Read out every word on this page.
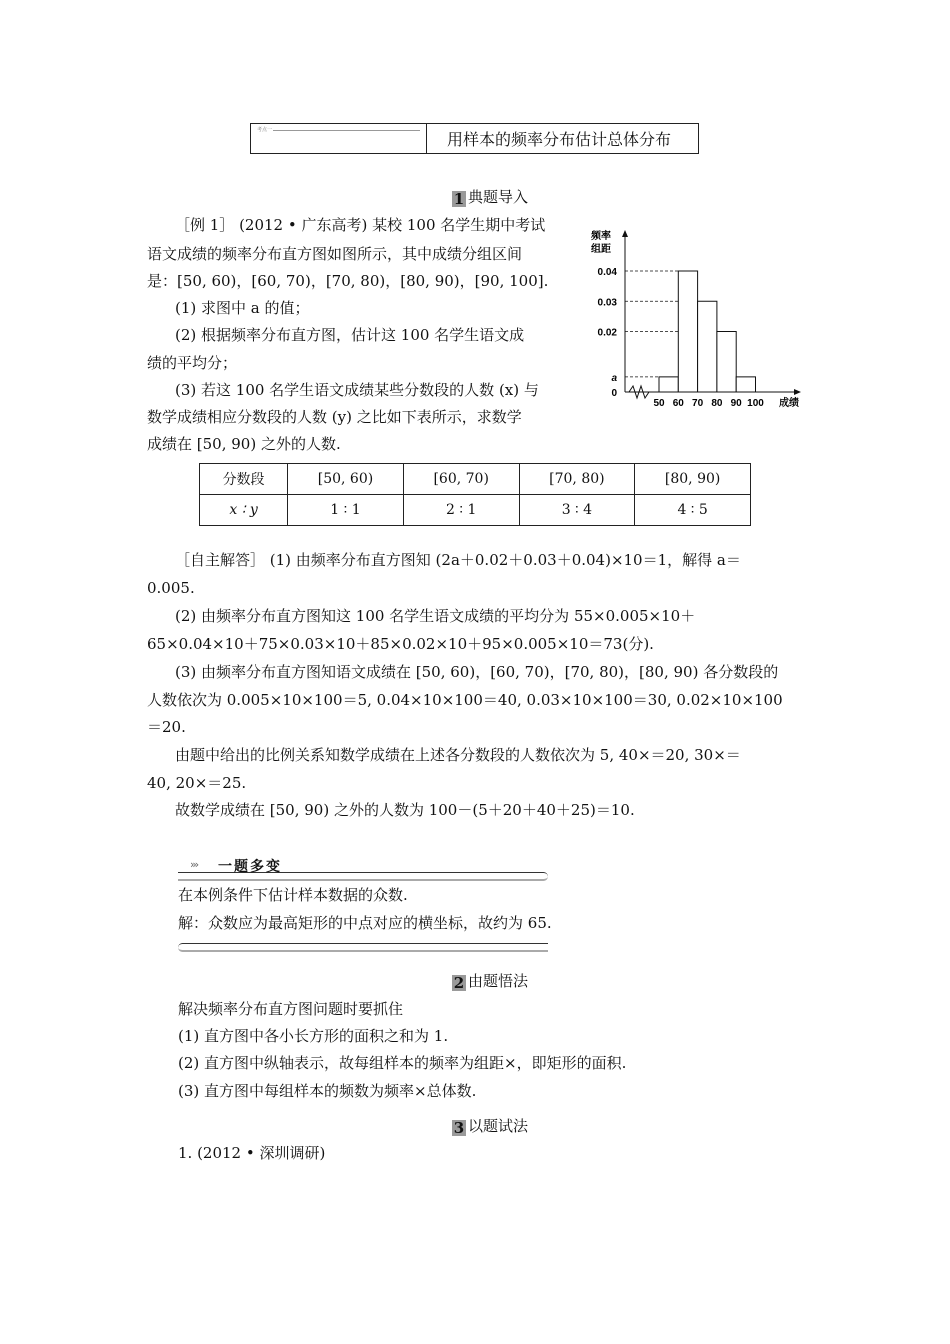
考点一	用样本的频率分布估计总体分布
1 典题导入
［例 1］ (2012 • 广东高考) 某校 100 名学生期中考试
语文成绩的频率分布直方图如图所示，其中成绩分组区间
是：[50, 60)，[60, 70)，[70, 80)，[80, 90)，[90, 100].
(1) 求图中 a 的值；
(2) 根据频率分布直方图，估计这 100 名学生语文成
绩的平均分；
(3) 若这 100 名学生语文成绩某些分数段的人数 (x) 与
数学成绩相应分数段的人数 (y) 之比如下表所示，求数学
成绩在 [50, 90) 之外的人数.
频率
组距
0.04
0.03
0.02
a
0
50 60 70 80 90 100 成绩
分数段	[50, 60)	[60, 70)	[70, 80)	[80, 90)
x ∶ y	1 ∶ 1	2 ∶ 1	3 ∶ 4	4 ∶ 5
［自主解答］ (1) 由频率分布直方图知 (2a＋0.02＋0.03＋0.04)×10＝1，解得 a＝
0.005.
(2) 由频率分布直方图知这 100 名学生语文成绩的平均分为 55×0.005×10＋
65×0.04×10＋75×0.03×10＋85×0.02×10＋95×0.005×10＝73(分).
(3) 由频率分布直方图知语文成绩在 [50, 60)，[60, 70)，[70, 80)，[80, 90) 各分数段的
人数依次为 0.005×10×100＝5, 0.04×10×100＝40, 0.03×10×100＝30, 0.02×10×100
＝20.
由题中给出的比例关系知数学成绩在上述各分数段的人数依次为 5, 40×＝20, 30×＝
40, 20×＝25.
故数学成绩在 [50, 90) 之外的人数为 100－(5＋20＋40＋25)＝10.
››› 一题多变
在本例条件下估计样本数据的众数.
解：众数应为最高矩形的中点对应的横坐标，故约为 65.
2 由题悟法
解决频率分布直方图问题时要抓住
(1) 直方图中各小长方形的面积之和为 1.
(2) 直方图中纵轴表示，故每组样本的频率为组距×，即矩形的面积.
(3) 直方图中每组样本的频数为频率×总体数.
3 以题试法
1. (2012 • 深圳调研)
